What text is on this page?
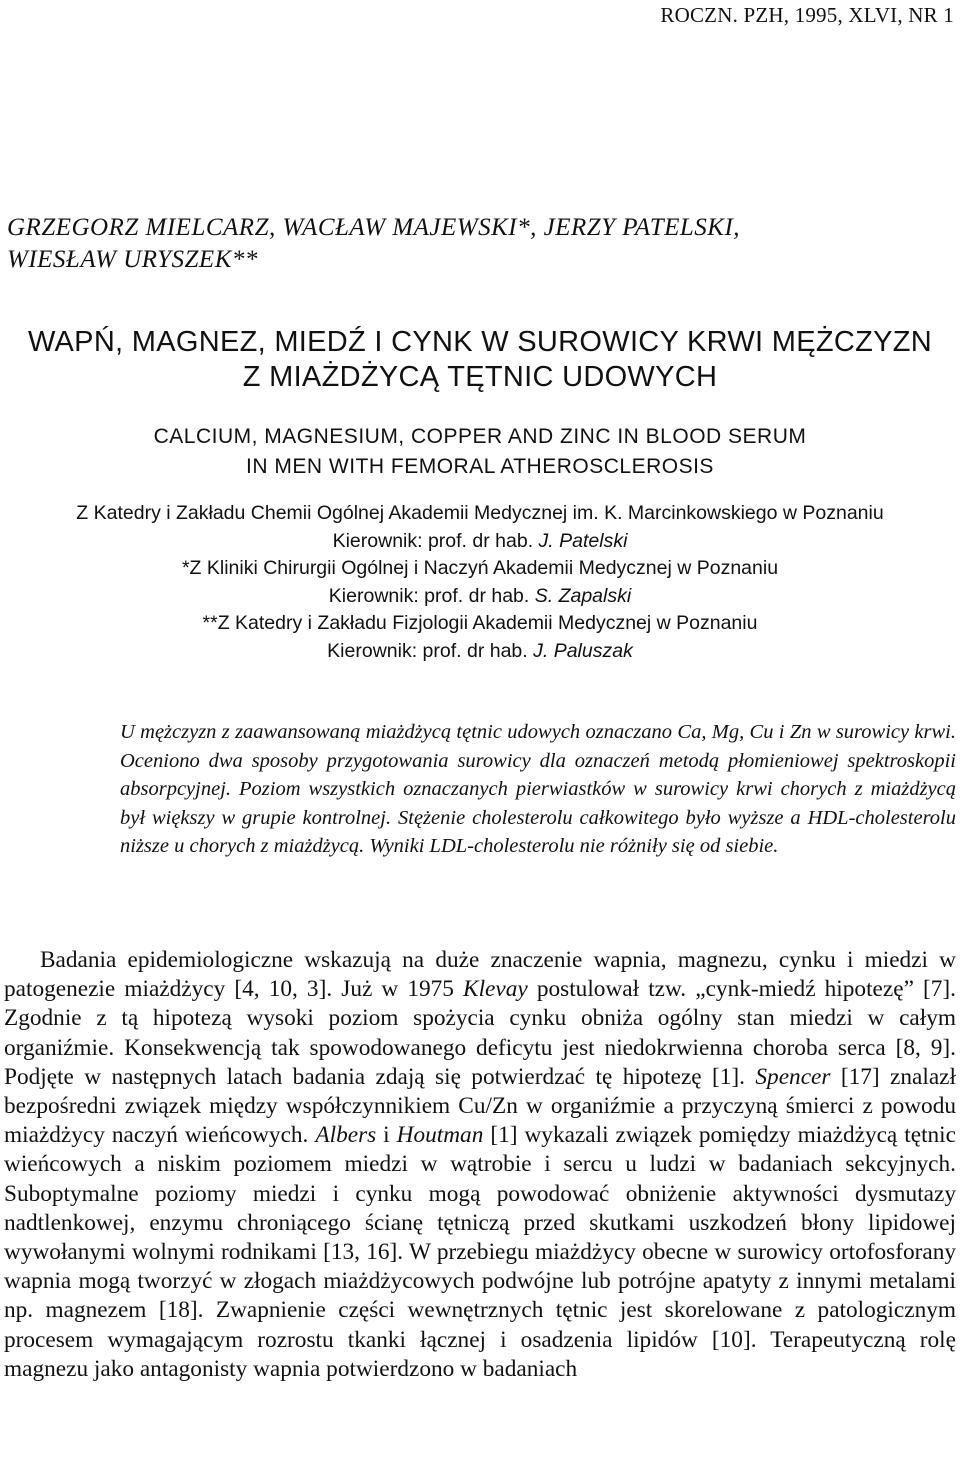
ROCZN. PZH, 1995, XLVI, NR 1
GRZEGORZ MIELCARZ, WACŁAW MAJEWSKI*, JERZY PATELSKI,
WIESŁAW URYSZEK**
WAPŃ, MAGNEZ, MIEDŹ I CYNK W SUROWICY KRWI MĘŻCZYZN
Z MIAŻDŻYCĄ TĘTNIC UDOWYCH
CALCIUM, MAGNESIUM, COPPER AND ZINC IN BLOOD SERUM
IN MEN WITH FEMORAL ATHEROSCLEROSIS
Z Katedry i Zakładu Chemii Ogólnej Akademii Medycznej im. K. Marcinkowskiego w Poznaniu
Kierownik: prof. dr hab. J. Patelski
*Z Kliniki Chirurgii Ogólnej i Naczyń Akademii Medycznej w Poznaniu
Kierownik: prof. dr hab. S. Zapalski
**Z Katedry i Zakładu Fizjologii Akademii Medycznej w Poznaniu
Kierownik: prof. dr hab. J. Paluszak
U mężczyzn z zaawansowaną miażdżycą tętnic udowych oznaczano Ca, Mg, Cu i Zn w surowicy krwi. Oceniono dwa sposoby przygotowania surowicy dla oznaczeń metodą płomieniowej spektroskopii absorpcyjnej. Poziom wszystkich oznaczanych pierwiastków w surowicy krwi chorych z miażdżycą był większy w grupie kontrolnej. Stężenie cholesterolu całkowitego było wyższe a HDL-cholesterolu niższe u chorych z miażdżycą. Wyniki LDL-cholesterolu nie różniły się od siebie.
Badania epidemiologiczne wskazują na duże znaczenie wapnia, magnezu, cynku i miedzi w patogenezie miażdżycy [4, 10, 3]. Już w 1975 Klevay postulował tzw. „cynk-miedź hipotezę” [7]. Zgodnie z tą hipotezą wysoki poziom spożycia cynku obniża ogólny stan miedzi w całym organiźmie. Konsekwencją tak spowodowanego deficytu jest niedokrwienna choroba serca [8, 9]. Podjęte w następnych latach badania zdają się potwierdzać tę hipotezę [1]. Spencer [17] znalazł bezpośredni związek między współczynnikiem Cu/Zn w organiźmie a przyczyną śmierci z powodu miażdżycy naczyń wieńcowych. Albers i Houtman [1] wykazali związek pomiędzy miażdżycą tętnic wieńcowych a niskim poziomem miedzi w wątrobie i sercu u ludzi w badaniach sekcyjnych. Suboptymalne poziomy miedzi i cynku mogą powodować obniżenie aktywności dysmutazy nadtlenkowej, enzymu chroniącego ścianę tętniczą przed skutkami uszkodzeń błony lipidowej wywołanymi wolnymi rodnikami [13, 16]. W przebiegu miażdżycy obecne w surowicy ortofosforany wapnia mogą tworzyć w złogach miażdżycowych podwójne lub potrójne apatyty z innymi metalami np. magnezem [18]. Zwapnienie części wewnętrznych tętnic jest skorelowane z patologicznym procesem wymagającym rozrostu tkanki łącznej i osadzenia lipidów [10]. Terapeutyczną rolę magnezu jako antagonisty wapnia potwierdzono w badaniach
